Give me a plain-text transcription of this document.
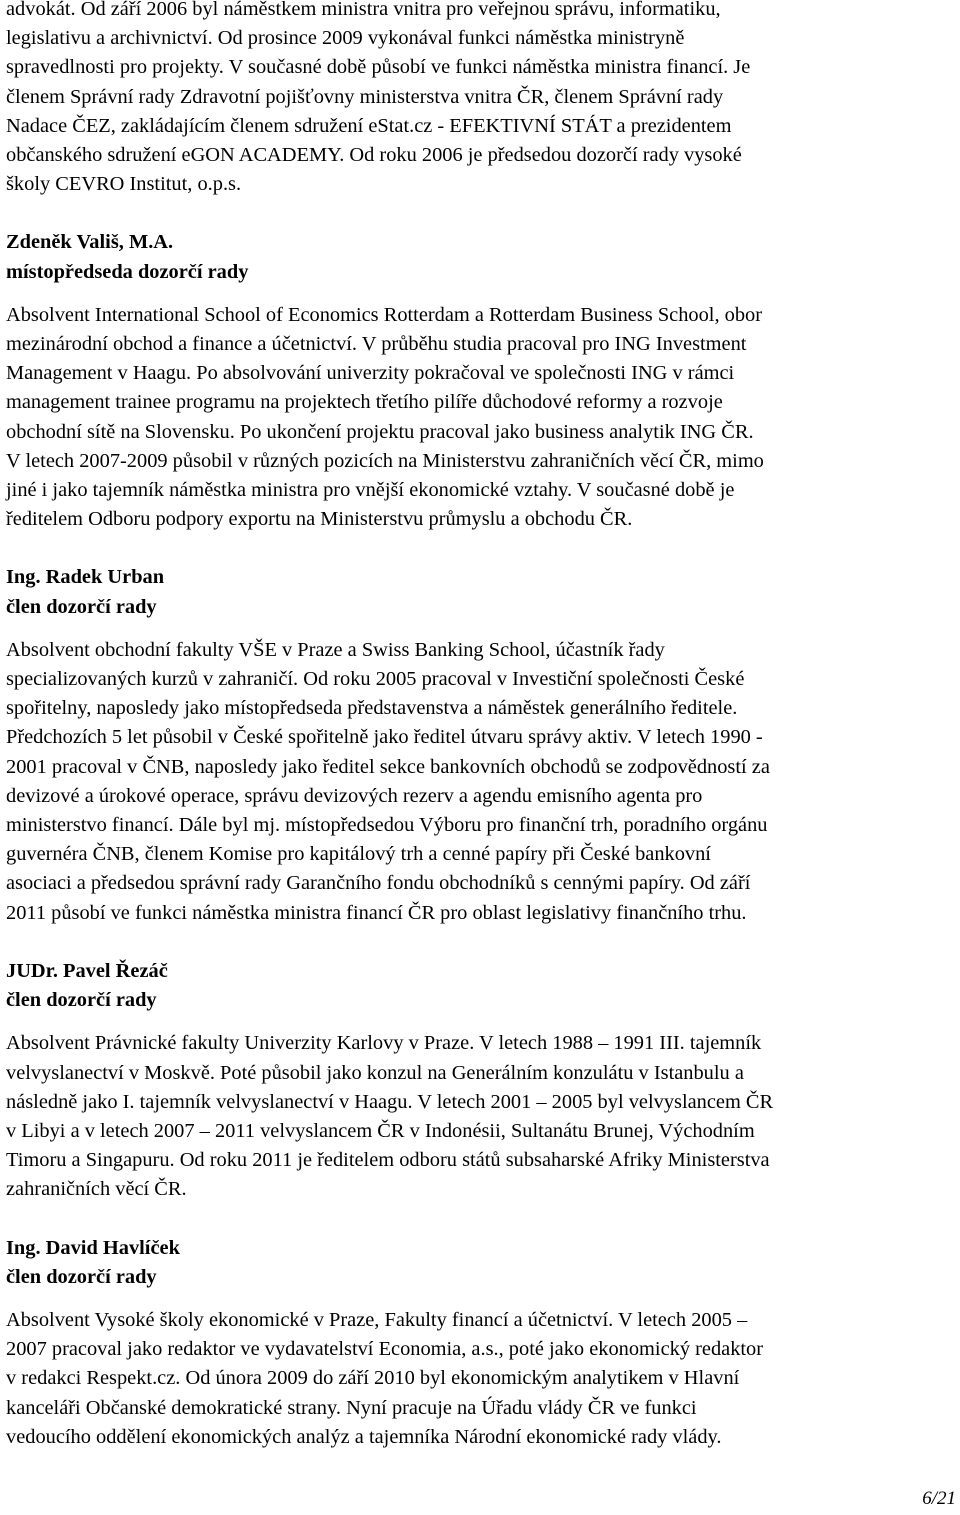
advokát. Od září 2006 byl náměstkem ministra vnitra pro veřejnou správu, informatiku,
legislativu a archivnictví. Od prosince 2009 vykonával funkci náměstka ministryně
spravedlnosti pro projekty. V současné době působí ve funkci náměstka ministra financí. Je
členem Správní rady Zdravotní pojišťovny ministerstva vnitra ČR, členem Správní rady
Nadace ČEZ, zakládajícím členem sdružení eStat.cz - EFEKTIVNÍ STÁT a prezidentem
občanského sdružení eGON ACADEMY. Od roku 2006 je předsedou dozorčí rady vysoké
školy CEVRO Institut, o.p.s.

Zdeněk Vališ, M.A.

místopředseda dozorčí rady

Absolvent International School of Economics Rotterdam a Rotterdam Business School, obor
mezinárodní obchod a finance a účetnictví. V průběhu studia pracoval pro ING Investment
Management v Haagu. Po absolvování univerzity pokračoval ve společnosti ING v rámci
management trainee programu na projektech třetího pilíře důchodové reformy a rozvoje
obchodní sítě na Slovensku. Po ukončení projektu pracoval jako business analytik ING ČR.
V letech 2007-2009 působil v různých pozicích na Ministerstvu zahraničních věcí ČR, mimo
jiné i jako tajemník náměstka ministra pro vnější ekonomické vztahy. V současné době je
ředitelem Odboru podpory exportu na Ministerstvu průmyslu a obchodu ČR.

Ing. Radek Urban

člen dozorčí rady

Absolvent obchodní fakulty VŠE v Praze a Swiss Banking School, účastník řady
specializovaných kurzů v zahraničí. Od roku 2005 pracoval v Investiční společnosti České
spořitelny, naposledy jako místopředseda představenstva a náměstek generálního ředitele.
Předchozích 5 let působil v České spořitelně jako ředitel útvaru správy aktiv. V letech 1990 -
2001 pracoval v ČNB, naposledy jako ředitel sekce bankovních obchodů se zodpovědností za
devizové a úrokové operace, správu devizových rezerv a agendu emisního agenta pro
ministerstvo financí. Dále byl mj. místopředsedou Výboru pro finanční trh, poradního orgánu
guvernéra ČNB, členem Komise pro kapitálový trh a cenné papíry při České bankovní
asociaci a předsedou správní rady Garančního fondu obchodníků s cennými papíry. Od září
2011 působí ve funkci náměstka ministra financí ČR pro oblast legislativy finančního trhu.

JUDr. Pavel Řezáč

člen dozorčí rady

Absolvent Právnické fakulty Univerzity Karlovy v Praze. V letech 1988 – 1991 III. tajemník
velvyslanectví v Moskvě. Poté působil jako konzul na Generálním konzulátu v Istanbulu a
následně jako I. tajemník velvyslanectví v Haagu. V letech 2001 – 2005 byl velvyslancem ČR
v Libyi a v letech 2007 – 2011 velvyslancem ČR v Indonésii, Sultanátu Brunej, Východním
Timoru a Singapuru. Od roku 2011 je ředitelem odboru států subsaharské Afriky Ministerstva
zahraničních věcí ČR.

Ing. David Havlíček

člen dozorčí rady

Absolvent Vysoké školy ekonomické v Praze, Fakulty financí a účetnictví. V letech 2005 –
2007 pracoval jako redaktor ve vydavatelství Economia, a.s., poté jako ekonomický redaktor
v redakci Respekt.cz. Od února 2009 do září 2010 byl ekonomickým analytikem v Hlavní
kanceláři Občanské demokratické strany. Nyní pracuje na Úřadu vlády ČR ve funkci
vedoucího oddělení ekonomických analýz a tajemníka Národní ekonomické rady vlády.

6/21
